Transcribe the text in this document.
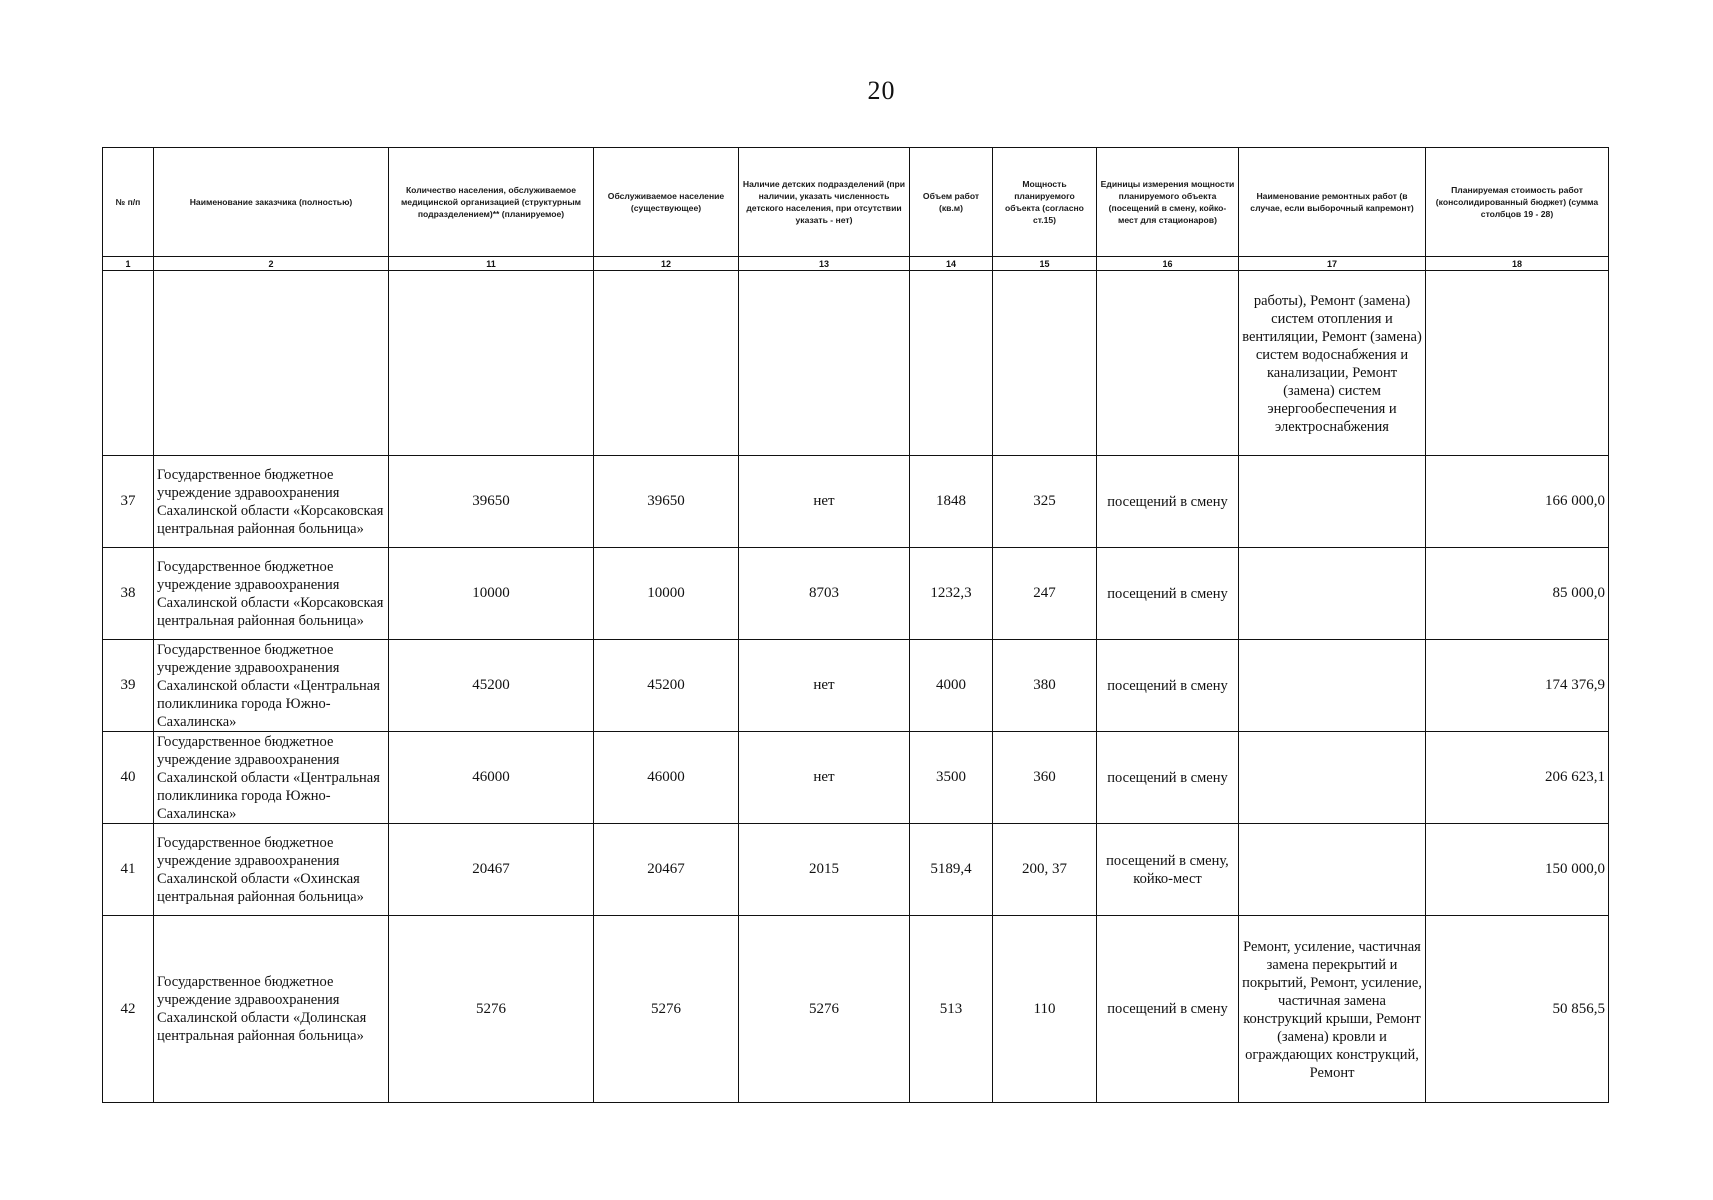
20
№ п/п	Наименование заказчика (полностью)	Количество населения, обслуживаемое медицинской организацией (структурным подразделением)** (планируемое)	Обслуживаемое население (существующее)	Наличие детских подразделений (при наличии, указать численность детского населения, при отсутствии указать - нет)	Объем работ (кв.м)	Мощность планируемого объекта (согласно ст.15)	Единицы измерения мощности планируемого объекта (посещений в смену, койко-мест для стационаров)	Наименование ремонтных работ (в случае, если выборочный капремонт)	Планируемая стоимость работ (консолидированный бюджет) (сумма столбцов 19 - 28)
1	2	11	12	13	14	15	16	17	18
								работы), Ремонт (замена) систем отопления и вентиляции, Ремонт (замена) систем водоснабжения и канализации, Ремонт (замена) систем энергообеспечения и электроснабжения	
37	Государственное бюджетное учреждение здравоохранения Сахалинской области «Корсаковская центральная районная больница»	39650	39650	нет	1848	325	посещений в смену		166 000,0
38	Государственное бюджетное учреждение здравоохранения Сахалинской области «Корсаковская центральная районная больница»	10000	10000	8703	1232,3	247	посещений в смену		85 000,0
39	Государственное бюджетное учреждение здравоохранения Сахалинской области «Центральная поликлиника города Южно-Сахалинска»	45200	45200	нет	4000	380	посещений в смену		174 376,9
40	Государственное бюджетное учреждение здравоохранения Сахалинской области «Центральная поликлиника города Южно-Сахалинска»	46000	46000	нет	3500	360	посещений в смену		206 623,1
41	Государственное бюджетное учреждение здравоохранения Сахалинской области «Охинская центральная районная больница»	20467	20467	2015	5189,4	200, 37	посещений в смену, койко-мест		150 000,0
42	Государственное бюджетное учреждение здравоохранения Сахалинской области «Долинская центральная районная больница»	5276	5276	5276	513	110	посещений в смену	Ремонт, усиление, частичная замена перекрытий и покрытий, Ремонт, усиление, частичная замена конструкций крыши, Ремонт (замена) кровли и ограждающих конструкций, Ремонт	50 856,5
